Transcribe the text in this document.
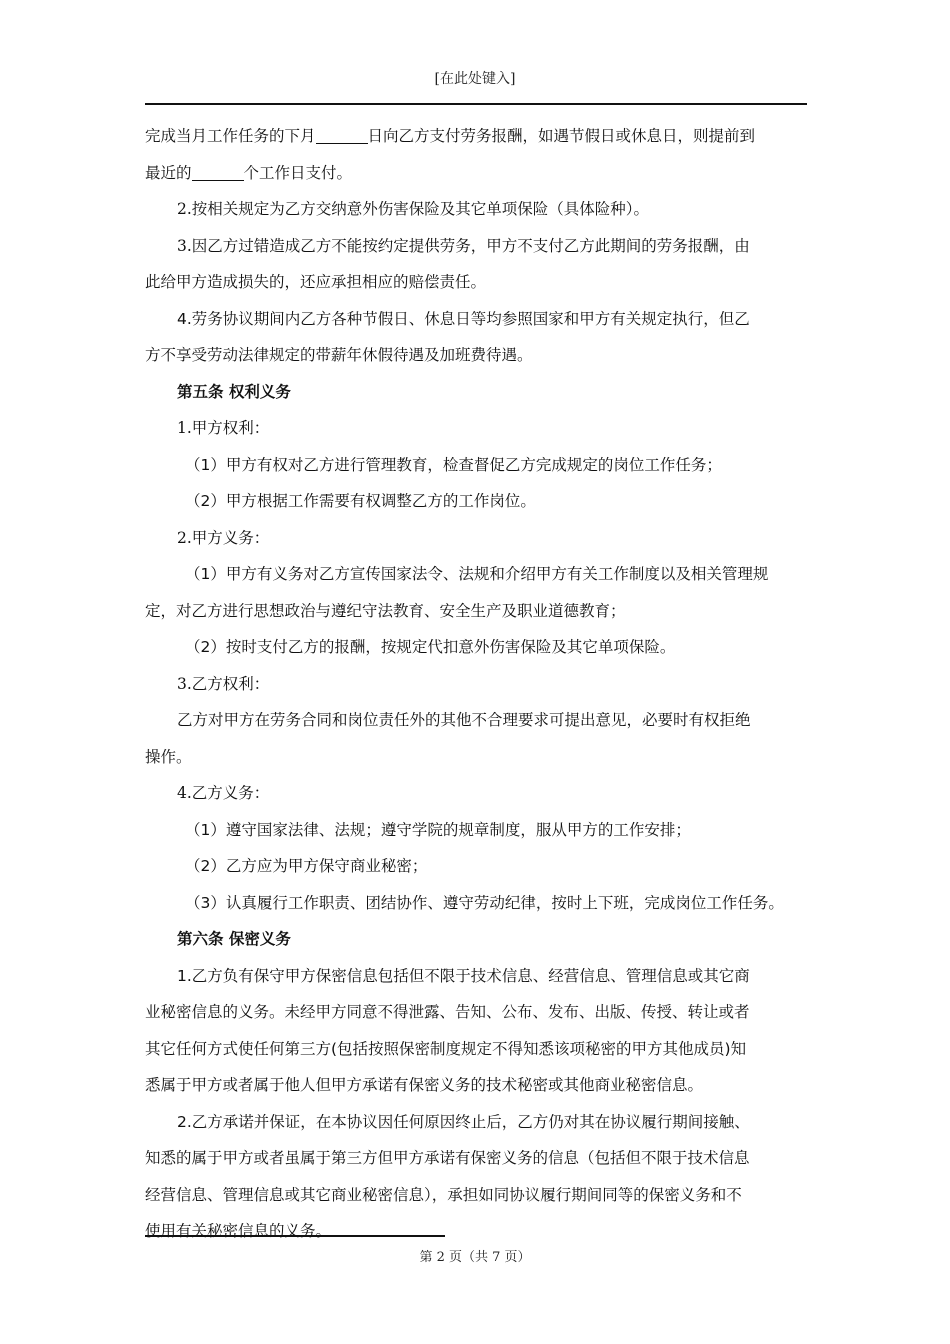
[在此处键入]

完成当月工作任务的下月	日向乙方支付劳务报酬，如遇节假日或休息日，则提前到

最近的	个工作日支付。

2.按相关规定为乙方交纳意外伤害保险及其它单项保险（具体险种）。

3.因乙方过错造成乙方不能按约定提供劳务，甲方不支付乙方此期间的劳务报酬，由

此给甲方造成损失的，还应承担相应的赔偿责任。

4.劳务协议期间内乙方各种节假日、休息日等均参照国家和甲方有关规定执行，但乙

方不享受劳动法律规定的带薪年休假待遇及加班费待遇。

第五条 权利义务

1.甲方权利：

（1）甲方有权对乙方进行管理教育，检查督促乙方完成规定的岗位工作任务；

（2）甲方根据工作需要有权调整乙方的工作岗位。

2.甲方义务：

（1）甲方有义务对乙方宣传国家法令、法规和介绍甲方有关工作制度以及相关管理规

定，对乙方进行思想政治与遵纪守法教育、安全生产及职业道德教育；

（2）按时支付乙方的报酬，按规定代扣意外伤害保险及其它单项保险。

3.乙方权利：

乙方对甲方在劳务合同和岗位责任外的其他不合理要求可提出意见，必要时有权拒绝

操作。

4.乙方义务：

（1）遵守国家法律、法规；遵守学院的规章制度，服从甲方的工作安排；

（2）乙方应为甲方保守商业秘密；

（3）认真履行工作职责、团结协作、遵守劳动纪律，按时上下班，完成岗位工作任务。

第六条 保密义务

1.乙方负有保守甲方保密信息包括但不限于技术信息、经营信息、管理信息或其它商

业秘密信息的义务。未经甲方同意不得泄露、告知、公布、发布、出版、传授、转让或者

其它任何方式使任何第三方(包括按照保密制度规定不得知悉该项秘密的甲方其他成员)知

悉属于甲方或者属于他人但甲方承诺有保密义务的技术秘密或其他商业秘密信息。

2.乙方承诺并保证，在本协议因任何原因终止后，乙方仍对其在协议履行期间接触、

知悉的属于甲方或者虽属于第三方但甲方承诺有保密义务的信息（包括但不限于技术信息

经营信息、管理信息或其它商业秘密信息），承担如同协议履行期间同等的保密义务和不

使用有关秘密信息的义务。

第 2 页（共 7 页）
